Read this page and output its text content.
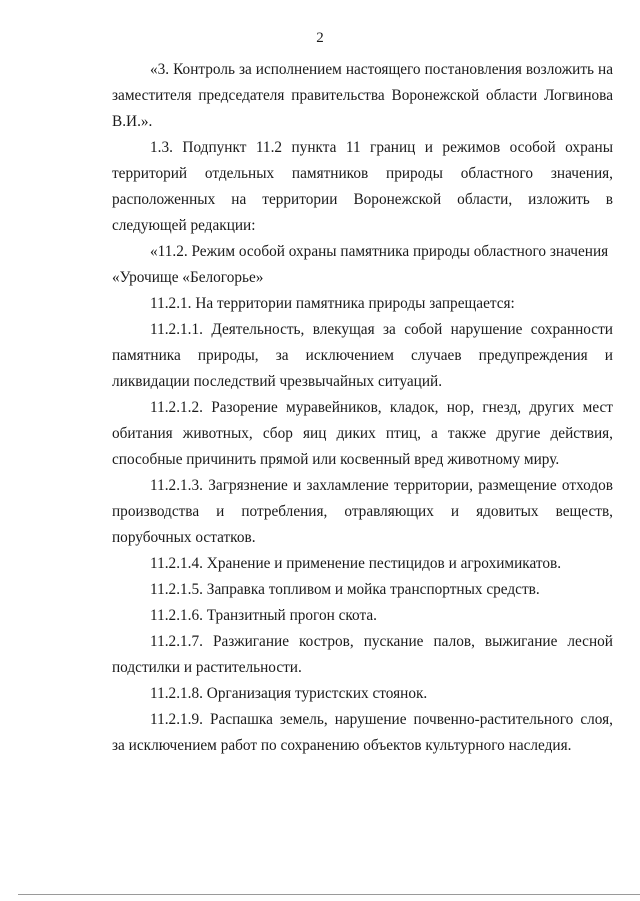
2

«3. Контроль за исполнением настоящего постановления возложить на заместителя председателя правительства Воронежской области Логвинова В.И.».

1.3. Подпункт 11.2 пункта 11 границ и режимов особой охраны территорий отдельных памятников природы областного значения, расположенных на территории Воронежской области, изложить в следующей редакции:

«11.2. Режим особой охраны памятника природы областного значения «Урочище «Белогорье»

11.2.1. На территории памятника природы запрещается:

11.2.1.1. Деятельность, влекущая за собой нарушение сохранности памятника природы, за исключением случаев предупреждения и ликвидации последствий чрезвычайных ситуаций.

11.2.1.2. Разорение муравейников, кладок, нор, гнезд, других мест обитания животных, сбор яиц диких птиц, а также другие действия, способные причинить прямой или косвенный вред животному миру.

11.2.1.3. Загрязнение и захламление территории, размещение отходов производства и потребления, отравляющих и ядовитых веществ, порубочных остатков.

11.2.1.4. Хранение и применение пестицидов и агрохимикатов.

11.2.1.5. Заправка топливом и мойка транспортных средств.

11.2.1.6. Транзитный прогон скота.

11.2.1.7. Разжигание костров, пускание палов, выжигание лесной подстилки и растительности.

11.2.1.8. Организация туристских стоянок.

11.2.1.9. Распашка земель, нарушение почвенно-растительного слоя, за исключением работ по сохранению объектов культурного наследия.
